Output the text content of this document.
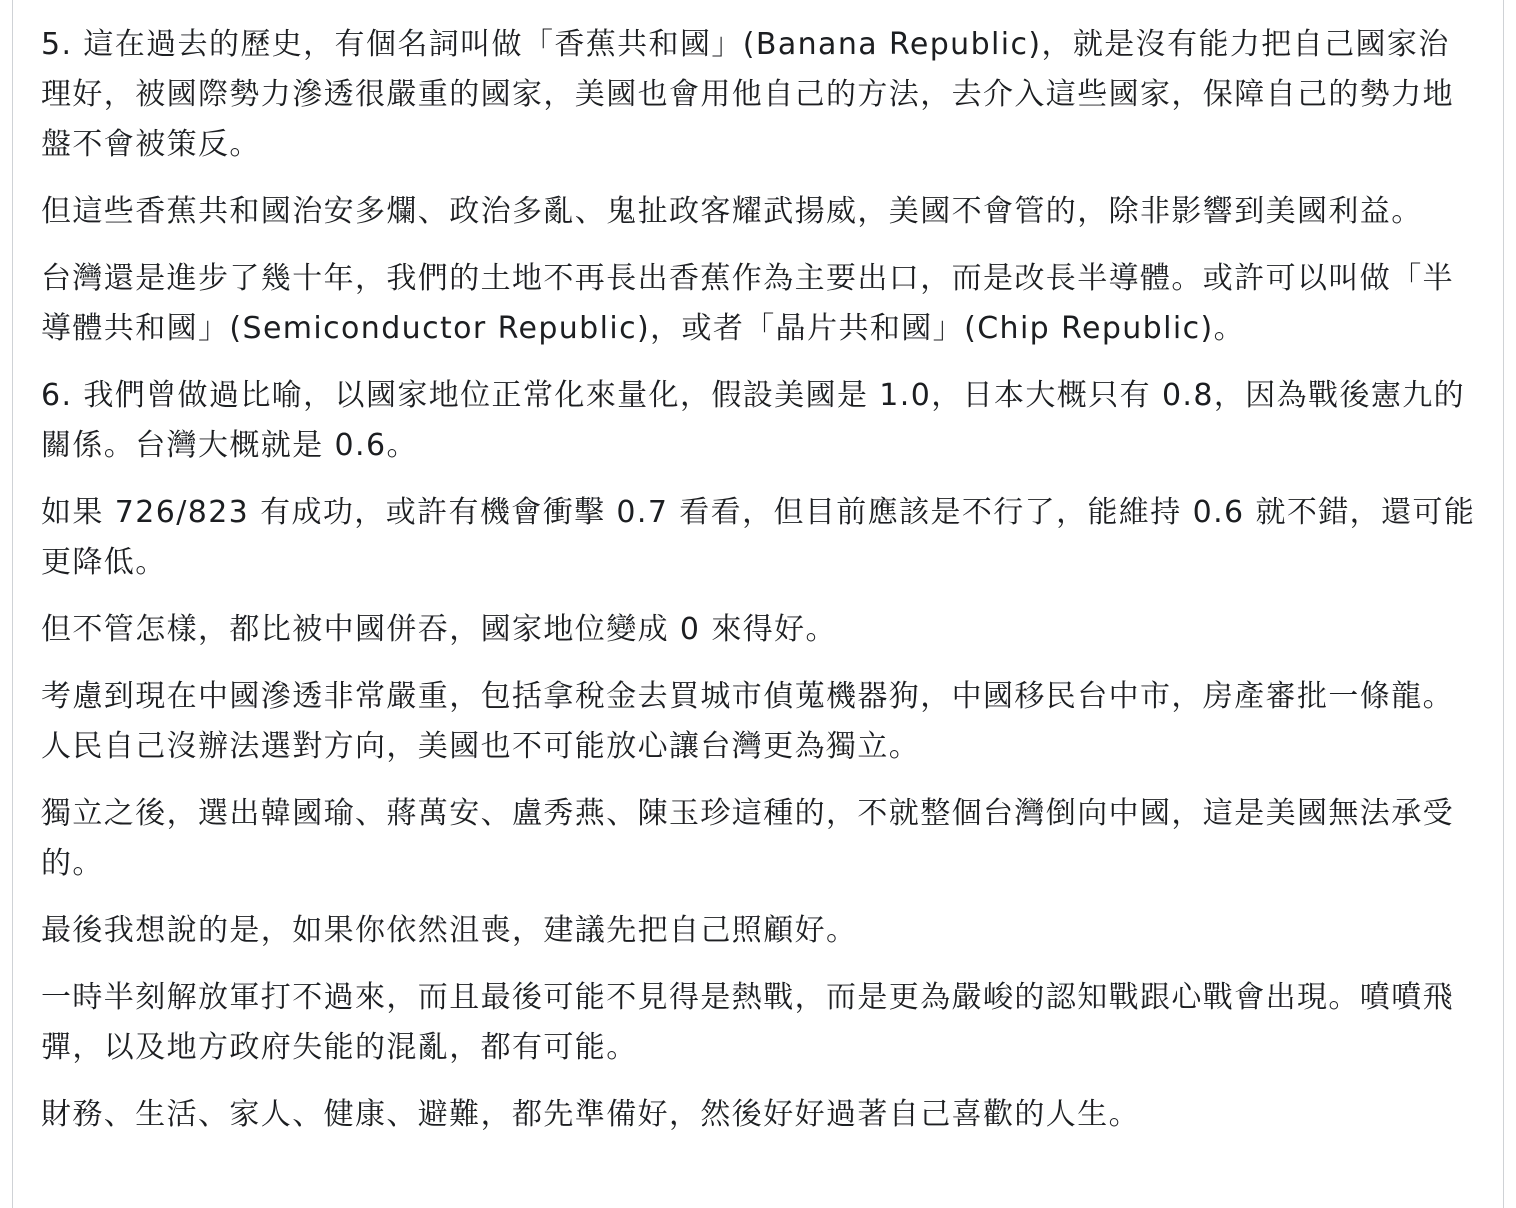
5. 這在過去的歷史，有個名詞叫做「香蕉共和國」(Banana Republic)，就是沒有能力把自己國家治理好，被國際勢力滲透很嚴重的國家，美國也會用他自己的方法，去介入這些國家，保障自己的勢力地盤不會被策反。

但這些香蕉共和國治安多爛、政治多亂、鬼扯政客耀武揚威，美國不會管的，除非影響到美國利益。

台灣還是進步了幾十年，我們的土地不再長出香蕉作為主要出口，而是改長半導體。或許可以叫做「半導體共和國」(Semiconductor Republic)，或者「晶片共和國」(Chip Republic)。

6. 我們曾做過比喻，以國家地位正常化來量化，假設美國是 1.0，日本大概只有 0.8，因為戰後憲九的關係。台灣大概就是 0.6。

如果 726/823 有成功，或許有機會衝擊 0.7 看看，但目前應該是不行了，能維持 0.6 就不錯，還可能更降低。

但不管怎樣，都比被中國併吞，國家地位變成 0 來得好。

考慮到現在中國滲透非常嚴重，包括拿稅金去買城市偵蒐機器狗，中國移民台中市，房產審批一條龍。人民自己沒辦法選對方向，美國也不可能放心讓台灣更為獨立。

獨立之後，選出韓國瑜、蔣萬安、盧秀燕、陳玉珍這種的，不就整個台灣倒向中國，這是美國無法承受的。

最後我想說的是，如果你依然沮喪，建議先把自己照顧好。

一時半刻解放軍打不過來，而且最後可能不見得是熱戰，而是更為嚴峻的認知戰跟心戰會出現。噴噴飛彈，以及地方政府失能的混亂，都有可能。

財務、生活、家人、健康、避難，都先準備好，然後好好過著自己喜歡的人生。
